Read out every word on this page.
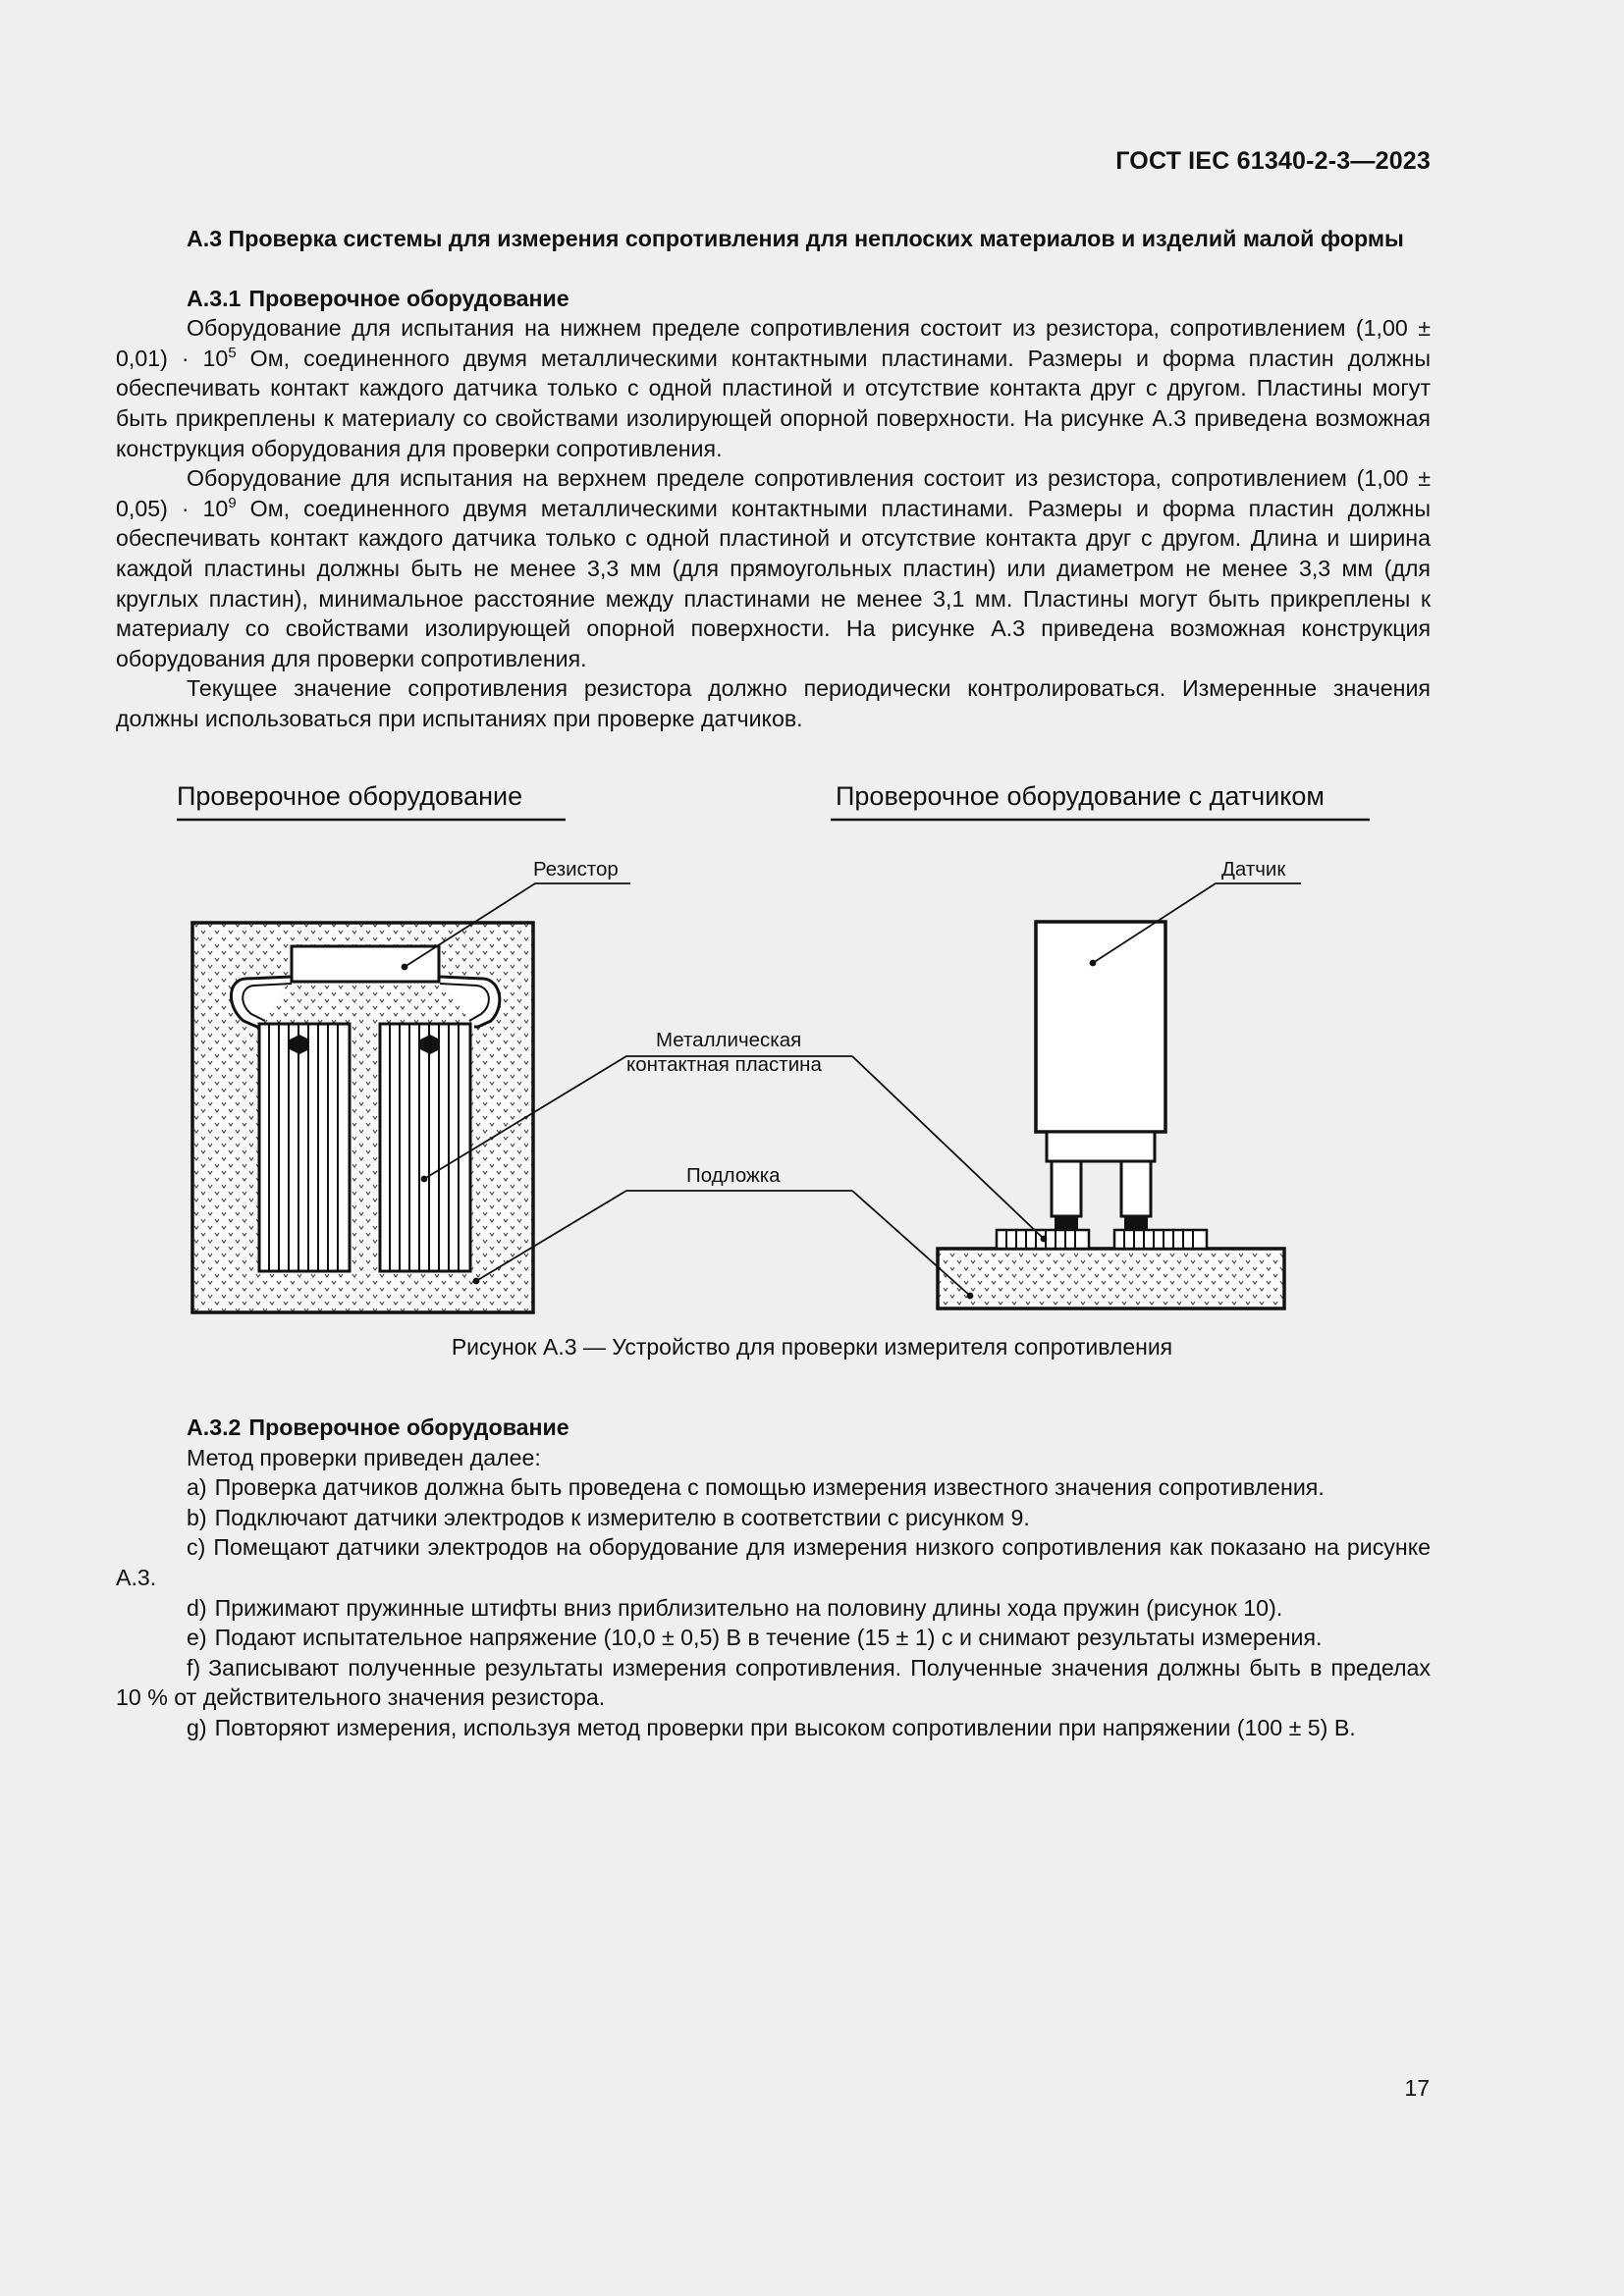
ГОСТ IEC 61340-2-3—2023

А.3 Проверка системы для измерения сопротивления для неплоских материалов и изделий малой формы

А.3.1 Проверочное оборудование

Оборудование для испытания на нижнем пределе сопротивления состоит из резистора, сопротивлением $(1,00 \pm 0,01) \cdot 10^5$ Ом, соединенного двумя металлическими контактными пластинами. Размеры и форма пластин должны обеспечивать контакт каждого датчика только с одной пластиной и отсутствие контакта друг с другом. Пластины могут быть прикреплены к материалу со свойствами изолирующей опорной поверхности. На рисунке А.3 приведена возможная конструкция оборудования для проверки сопротивления.

Оборудование для испытания на верхнем пределе сопротивления состоит из резистора, сопротивлением $(1,00 \pm 0,05) \cdot 10^9$ Ом, соединенного двумя металлическими контактными пластинами. Размеры и форма пластин должны обеспечивать контакт каждого датчика только с одной пластиной и отсутствие контакта друг с другом. Длина и ширина каждой пластины должны быть не менее 3,3 мм (для прямоугольных пластин) или диаметром не менее 3,3 мм (для круглых пластин), минимальное расстояние между пластинами не менее 3,1 мм. Пластины могут быть прикреплены к материалу со свойствами изолирующей опорной поверхности. На рисунке А.3 приведена возможная конструкция оборудования для проверки сопротивления.

Текущее значение сопротивления резистора должно периодически контролироваться. Измеренные значения должны использоваться при испытаниях при проверке датчиков.

Проверочное оборудование	Проверочное оборудование с датчиком
Резистор	Датчик
Металлическая
контактная пластина
Подложка
Рисунок А.3 — Устройство для проверки измерителя сопротивления

А.3.2 Проверочное оборудование

Метод проверки приведен далее:

a) Проверка датчиков должна быть проведена с помощью измерения известного значения сопротивления.

b) Подключают датчики электродов к измерителю в соответствии с рисунком 9.

c) Помещают датчики электродов на оборудование для измерения низкого сопротивления как показано на рисунке А.3.

d) Прижимают пружинные штифты вниз приблизительно на половину длины хода пружин (рисунок 10).

e) Подают испытательное напряжение (10,0 ± 0,5) В в течение (15 ± 1) с и снимают результаты измерения.

f) Записывают полученные результаты измерения сопротивления. Полученные значения должны быть в пределах 10 % от действительного значения резистора.

g) Повторяют измерения, используя метод проверки при высоком сопротивлении при напряжении (100 ± 5) В.

17
